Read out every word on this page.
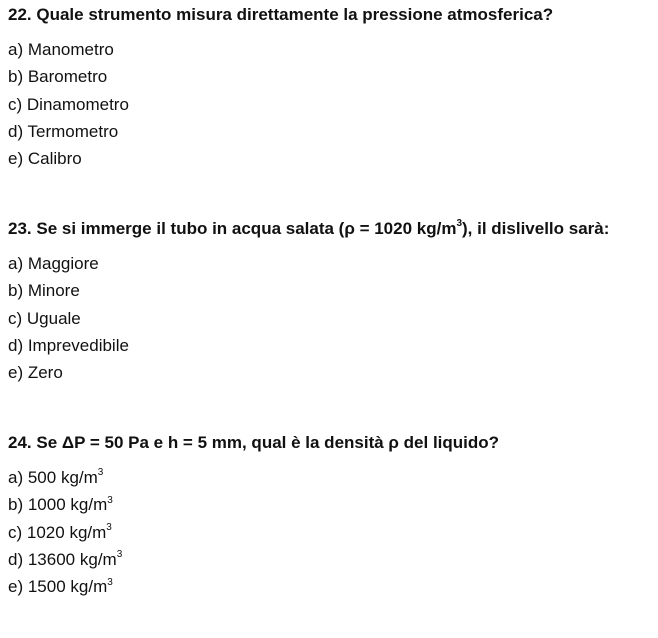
22. Quale strumento misura direttamente la pressione atmosferica?
a) Manometro
b) Barometro
c) Dinamometro
d) Termometro
e) Calibro
23. Se si immerge il tubo in acqua salata (ρ = 1020 $kg/m^3$), il dislivello sarà:
a) Maggiore
b) Minore
c) Uguale
d) Imprevedibile
e) Zero
24. Se ΔP = 50 Pa e h = 5 mm, qual è la densità ρ del liquido?
a) 500 $kg/m^3$
b) 1000 $kg/m^3$
c) 1020 $kg/m^3$
d) 13600 $kg/m^3$
e) 1500 $kg/m^3$
